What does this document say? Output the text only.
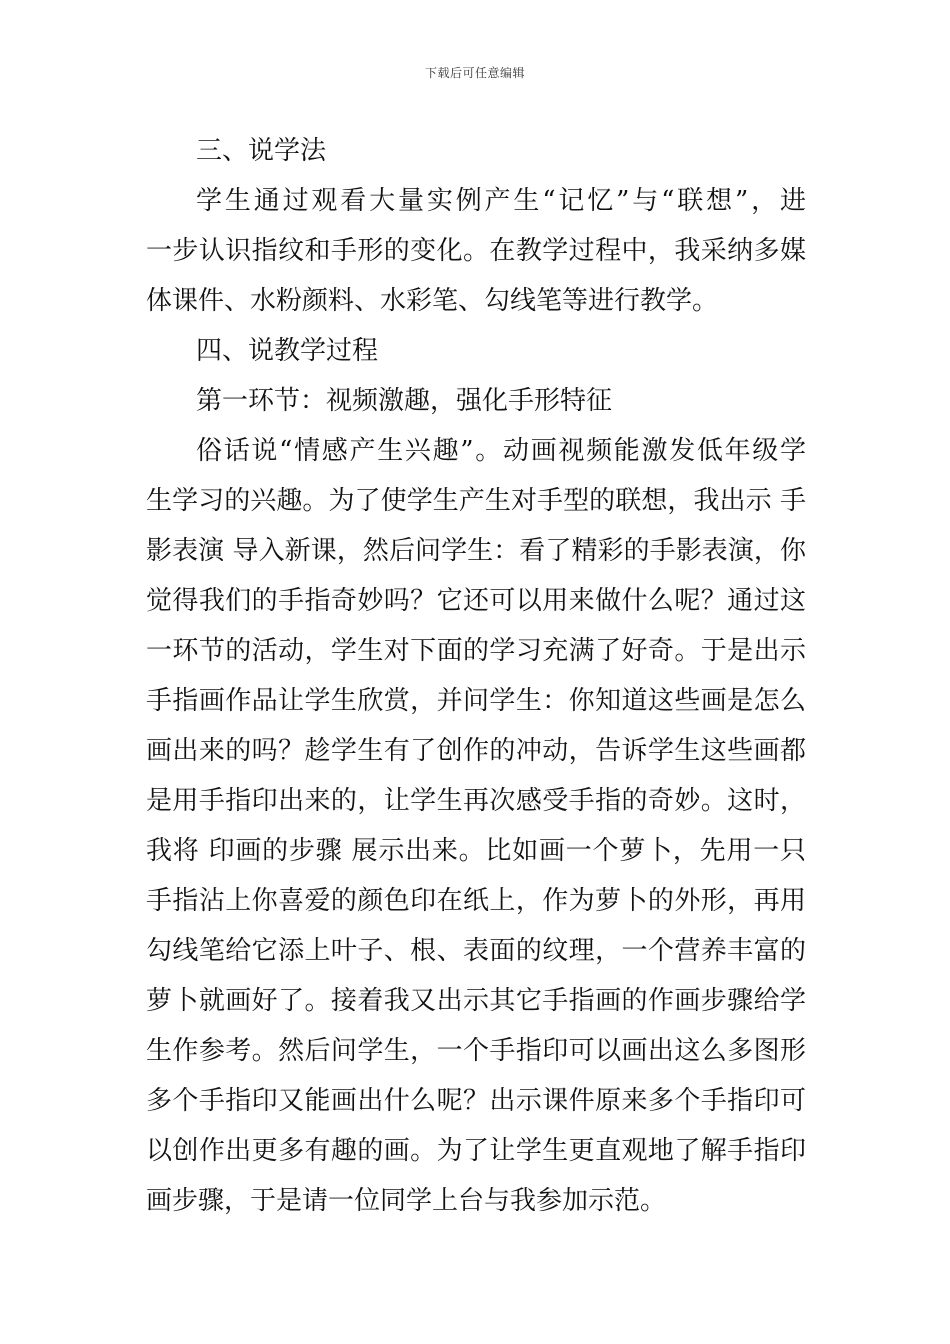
下载后可任意编辑
三、说学法
学生通过观看大量实例产生“记忆”与“联想”，进
一步认识指纹和手形的变化。在教学过程中，我采纳多媒
体课件、水粉颜料、水彩笔、勾线笔等进行教学。
四、说教学过程
第一环节：视频激趣，强化手形特征
俗话说“情感产生兴趣”。动画视频能激发低年级学
生学习的兴趣。为了使学生产生对手型的联想，我出示 手
影表演 导入新课，然后问学生：看了精彩的手影表演，你
觉得我们的手指奇妙吗？它还可以用来做什么呢？通过这
一环节的活动，学生对下面的学习充满了好奇。于是出示
手指画作品让学生欣赏，并问学生：你知道这些画是怎么
画出来的吗？趁学生有了创作的冲动，告诉学生这些画都
是用手指印出来的，让学生再次感受手指的奇妙。这时，
我将 印画的步骤 展示出来。比如画一个萝卜，先用一只
手指沾上你喜爱的颜色印在纸上，作为萝卜的外形，再用
勾线笔给它添上叶子、根、表面的纹理，一个营养丰富的
萝卜就画好了。接着我又出示其它手指画的作画步骤给学
生作参考。然后问学生，一个手指印可以画出这么多图形
多个手指印又能画出什么呢？出示课件原来多个手指印可
以创作出更多有趣的画。为了让学生更直观地了解手指印
画步骤，于是请一位同学上台与我参加示范。
